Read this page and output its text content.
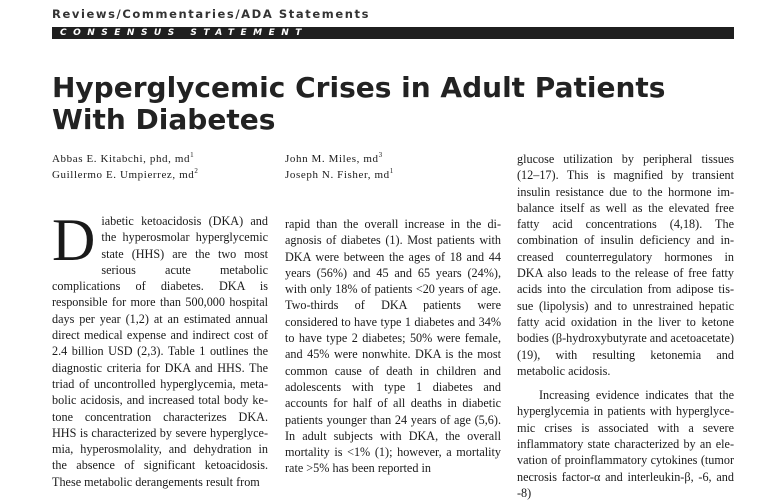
Reviews/Commentaries/ADA Statements
CONSENSUS STATEMENT
Hyperglycemic Crises in Adult Patients
With Diabetes
Abbas E. Kitabchi, phd, $md^1$
Guillermo E. Umpierrez, $md^2$
John M. Miles, $md^3$
Joseph N. Fisher, $md^1$

Diabetic ketoacidosis (DKA) and the hyperosmolar hyperglycemic state (HHS) are the two most serious acute metabolic complications of diabetes. DKA is responsible for more than 500,000 hospital days per year (1,2) at an estimated annual direct medical expense and indirect cost of 2.4 billion USD (2,3). Table 1 outlines the diagnostic criteria for DKA and HHS. The triad of uncontrolled hyperglycemia, metabolic acidosis, and increased total body ketone concentration characterizes DKA. HHS is characterized by severe hyperglycemia, hyperosmolality, and dehydration in the absence of significant ketoacidosis. These metabolic derangements result from

rapid than the overall increase in the diagnosis of diabetes (1). Most patients with DKA were between the ages of 18 and 44 years (56%) and 45 and 65 years (24%), with only 18% of patients <20 years of age. Two-thirds of DKA patients were considered to have type 1 diabetes and 34% to have type 2 diabetes; 50% were female, and 45% were nonwhite. DKA is the most common cause of death in children and adolescents with type 1 diabetes and accounts for half of all deaths in diabetic patients younger than 24 years of age (5,6). In adult subjects with DKA, the overall mortality is <1% (1); however, a mortality rate >5% has been reported in

glucose utilization by peripheral tissues (12–17). This is magnified by transient insulin resistance due to the hormone imbalance itself as well as the elevated free fatty acid concentrations (4,18). The combination of insulin deficiency and increased counterregulatory hormones in DKA also leads to the release of free fatty acids into the circulation from adipose tissue (lipolysis) and to unrestrained hepatic fatty acid oxidation in the liver to ketone bodies (β-hydroxybutyrate and acetoacetate) (19), with resulting ketonemia and metabolic acidosis.

Increasing evidence indicates that the hyperglycemia in patients with hyperglycemic crises is associated with a severe inflammatory state characterized by an elevation of proinflammatory cytokines (tumor necrosis factor-α and interleukin-β, -6, and -8)
